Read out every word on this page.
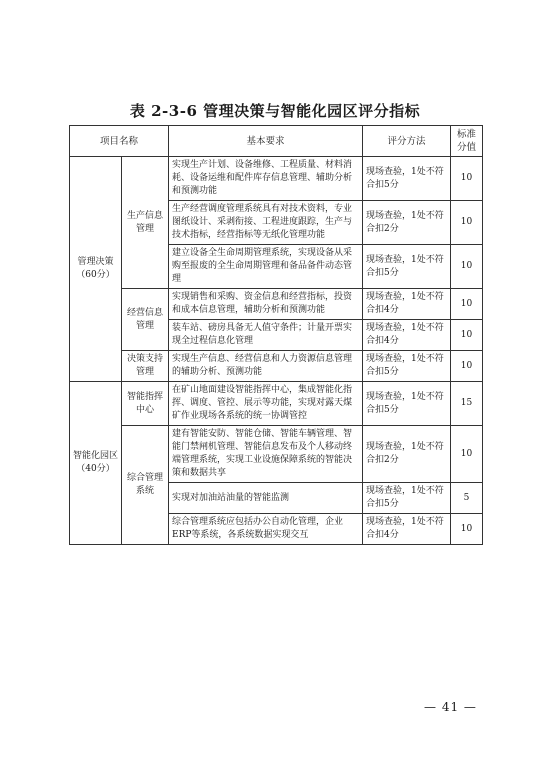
表 2-3-6 管理决策与智能化园区评分指标
项目名称		基本要求	评分方法	标准分值
管理决策（60分）	生产信息管理	实现生产计划、设备维修、工程质量、材料消耗、设备运维和配件库存信息管理、辅助分析和预测功能	现场查验，1处不符合扣5分	10
		生产经营调度管理系统具有对技术资料，专业图纸设计、采剥衔接、工程进度跟踪，生产与技术指标，经营指标等无纸化管理功能	现场查验，1处不符合扣2分	10
		建立设备全生命周期管理系统，实现设备从采购至报废的全生命周期管理和备品备件动态管理	现场查验，1处不符合扣5分	10
	经营信息管理	实现销售和采购、资金信息和经营指标，投资和成本信息管理，辅助分析和预测功能	现场查验，1处不符合扣4分	10
		装车站、磅房具备无人值守条件；计量开票实现全过程信息化管理	现场查验，1处不符合扣4分	10
	决策支持管理	实现生产信息、经营信息和人力资源信息管理的辅助分析、预测功能	现场查验，1处不符合扣5分	10
智能化园区（40分）	智能指挥中心	在矿山地面建设智能指挥中心，集成智能化指挥、调度、管控、展示等功能，实现对露天煤矿作业现场各系统的统一协调管控	现场查验，1处不符合扣5分	15
	综合管理系统	建有智能安防、智能仓储、智能车辆管理、智能门禁闸机管理、智能信息发布及个人移动终端管理系统，实现工业设施保障系统的智能决策和数据共享	现场查验，1处不符合扣2分	10
		实现对加油站油量的智能监测	现场查验，1处不符合扣5分	5
		综合管理系统应包括办公自动化管理，企业ERP等系统，各系统数据实现交互	现场查验，1处不符合扣4分	10
— 41 —
